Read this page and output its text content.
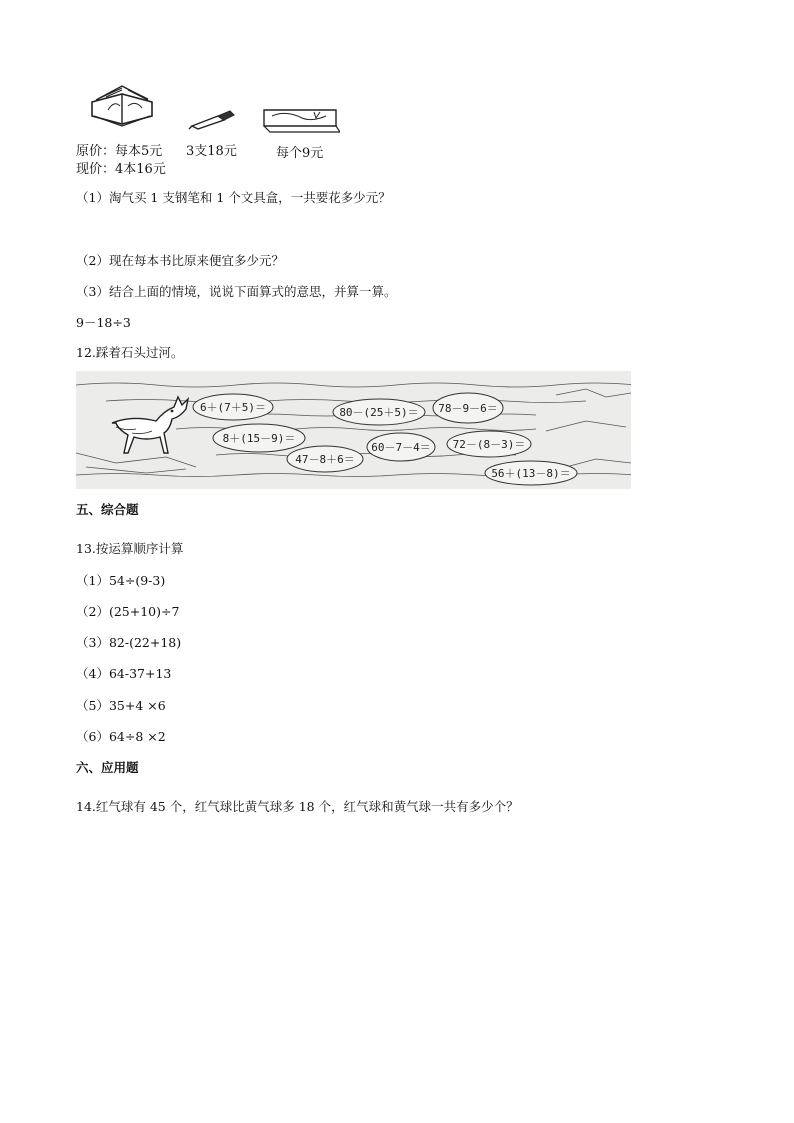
原价：每本5元 3支18元	每个9元
现价：4本16元
（1）淘气买 1 支钢笔和 1 个文具盒，一共要花多少元？
（2）现在每本书比原来便宜多少元？
（3）结合上面的情境，说说下面算式的意思，并算一算。
9－18÷3
12.踩着石头过河。
6＋(7＋5)＝	80－(25＋5)＝ 78－9－6＝
8＋(15－9)＝
60－7－4＝ 72－(8－3)＝
47－8＋6＝
56＋(13－8)＝
五、综合题
13.按运算顺序计算
（1）54÷(9-3)
（2）(25+10)÷7
（3）82-(22+18)
（4）64-37+13
（5）35+4 ×6
（6）64÷8 ×2
六、应用题
14.红气球有 45 个，红气球比黄气球多 18 个，红气球和黄气球一共有多少个？
